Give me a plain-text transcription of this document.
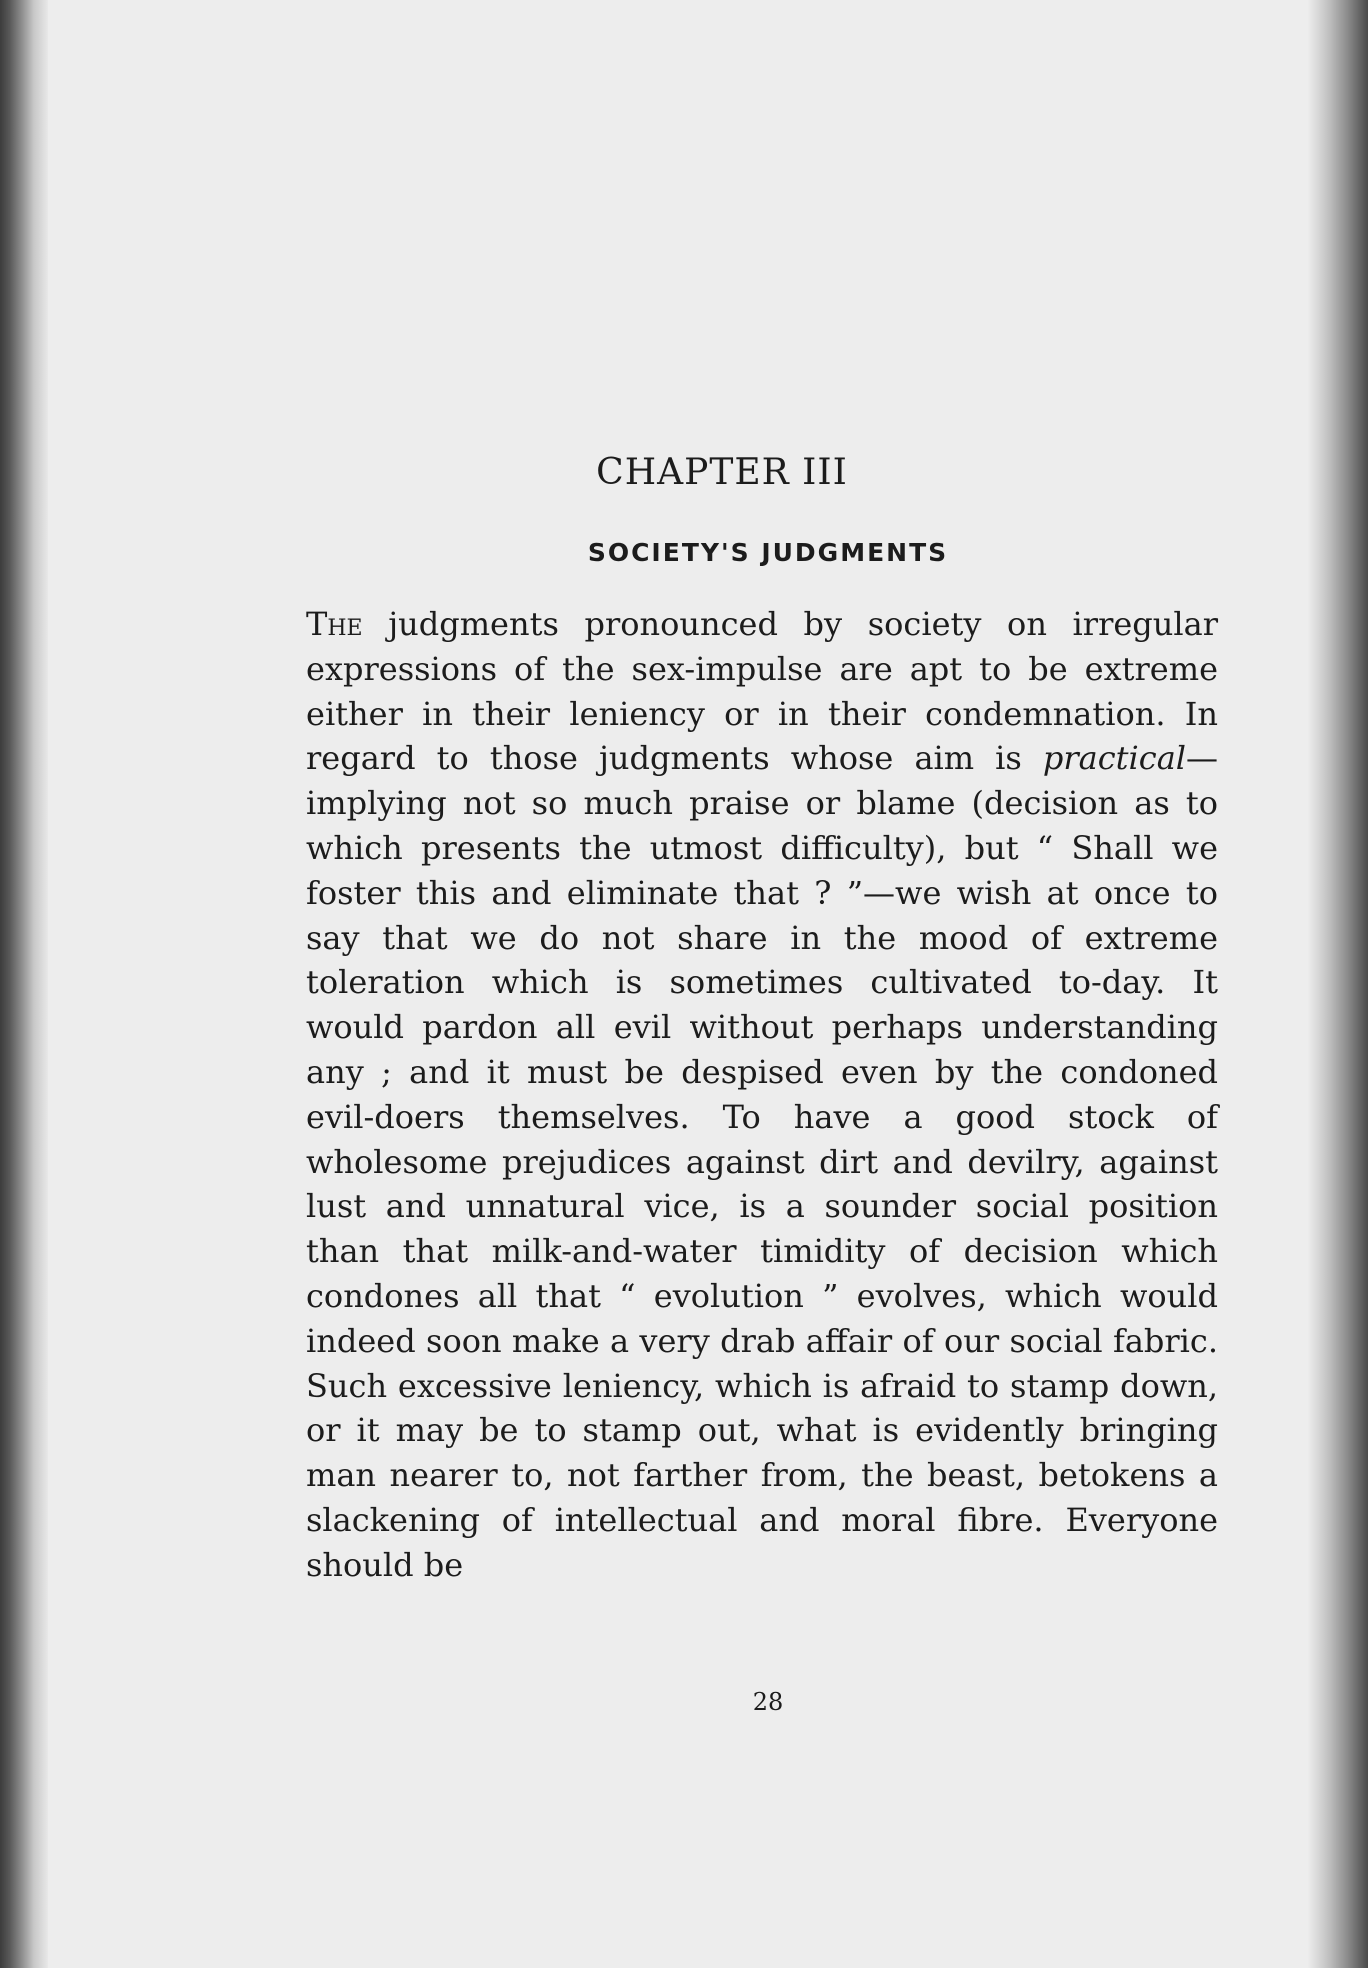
CHAPTER III
SOCIETY'S JUDGMENTS

The judgments pronounced by society on irregular expressions of the sex-impulse are apt to be extreme either in their leniency or in their condemnation. In regard to those judgments whose aim is practical—implying not so much praise or blame (decision as to which presents the utmost difficulty), but “ Shall we foster this and eliminate that ? ”—we wish at once to say that we do not share in the mood of extreme toleration which is sometimes cultivated to-day. It would pardon all evil without perhaps understanding any ; and it must be despised even by the condoned evil-doers themselves. To have a good stock of wholesome prejudices against dirt and devilry, against lust and unnatural vice, is a sounder social position than that milk-and-water timidity of decision which condones all that “ evolution ” evolves, which would indeed soon make a very drab affair of our social fabric. Such excessive leniency, which is afraid to stamp down, or it may be to stamp out, what is evidently bringing man nearer to, not farther from, the beast, betokens a slackening of intellectual and moral fibre. Everyone should be

28
